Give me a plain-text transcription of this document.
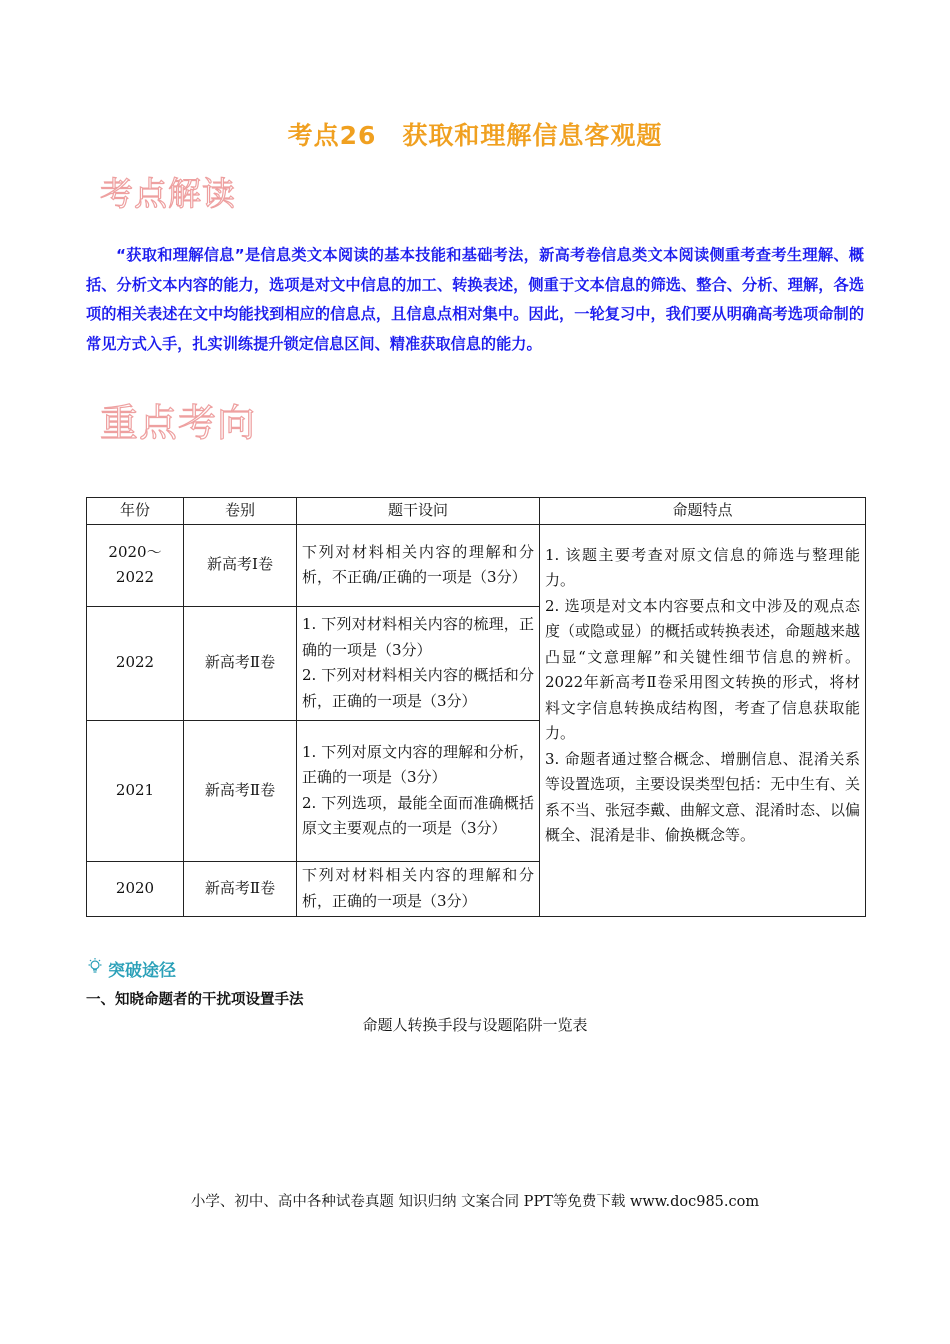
考点26　获取和理解信息客观题
考点解读
“获取和理解信息”是信息类文本阅读的基本技能和基础考法，新高考卷信息类文本阅读侧重考查考生理解、概括、分析文本内容的能力，选项是对文中信息的加工、转换表述，侧重于文本信息的筛选、整合、分析、理解，各选项的相关表述在文中均能找到相应的信息点，且信息点相对集中。因此，一轮复习中，我们要从明确高考选项命制的常见方式入手，扎实训练提升锁定信息区间、精准获取信息的能力。
重点考向
年份	卷别	题干设问	命题特点
2020～2022	新高考Ⅰ卷	下列对材料相关内容的理解和分析，不正确/正确的一项是（3分）	1. 该题主要考查对原文信息的筛选与整理能力。

2. 选项是对文本内容要点和文中涉及的观点态度（或隐或显）的概括或转换表述，命题越来越凸显“文意理解”和关键性细节信息的辨析。2022年新高考Ⅱ卷采用图文转换的形式，将材料文字信息转换成结构图，考查了信息获取能力。

3. 命题者通过整合概念、增删信息、混淆关系等设置选项，主要设误类型包括：无中生有、关系不当、张冠李戴、曲解文意、混淆时态、以偏概全、混淆是非、偷换概念等。

2022	新高考Ⅱ卷	1. 下列对材料相关内容的梳理，正确的一项是（3分）
2. 下列对材料相关内容的概括和分析，正确的一项是（3分）	

2021	新高考Ⅱ卷	1. 下列对原文内容的理解和分析，正确的一项是（3分）
2. 下列选项，最能全面而准确概括原文主要观点的一项是（3分）	

2020	新高考Ⅱ卷	下列对材料相关内容的理解和分析，正确的一项是（3分）	
突破途径
一、知晓命题者的干扰项设置手法
命题人转换手段与设题陷阱一览表
小学、初中、高中各种试卷真题 知识归纳 文案合同 PPT等免费下载 www.doc985.com
